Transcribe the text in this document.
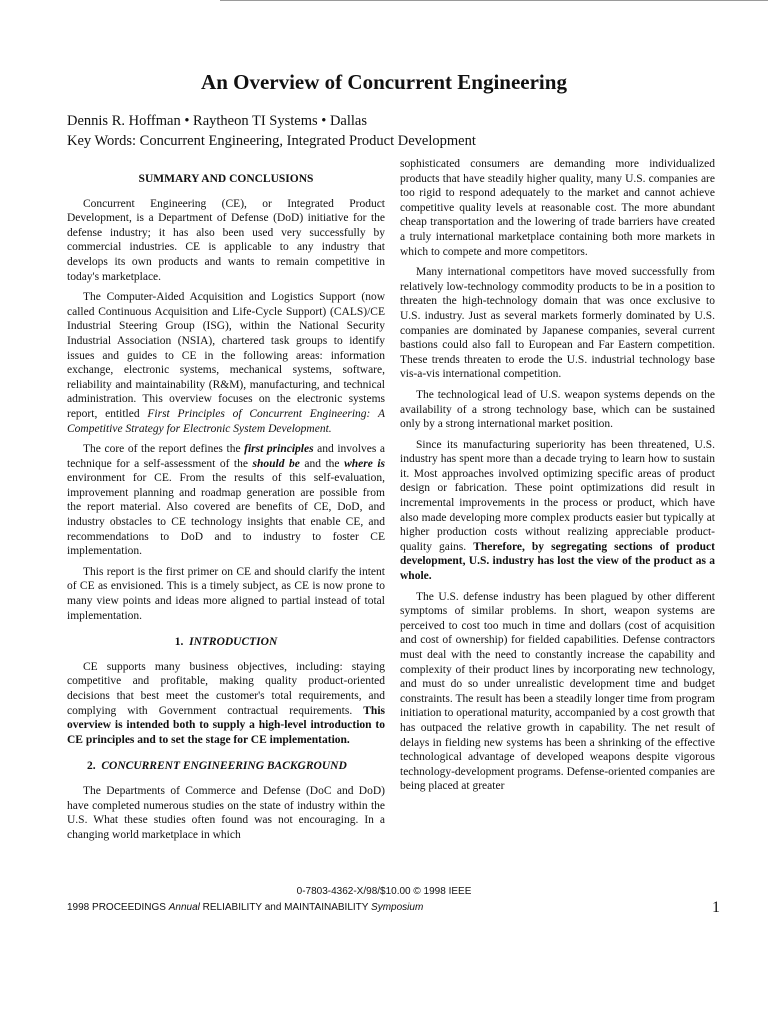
An Overview of Concurrent Engineering

Dennis R. Hoffman • Raytheon TI Systems • Dallas

Key Words: Concurrent Engineering, Integrated Product Development

SUMMARY AND CONCLUSIONS

Concurrent Engineering (CE), or Integrated Product Development, is a Department of Defense (DoD) initiative for the defense industry; it has also been used very successfully by commercial industries. CE is applicable to any industry that develops its own products and wants to remain competitive in today's marketplace.

The Computer-Aided Acquisition and Logistics Support (now called Continuous Acquisition and Life-Cycle Support) (CALS)/CE Industrial Steering Group (ISG), within the National Security Industrial Association (NSIA), chartered task groups to identify issues and guides to CE in the following areas: information exchange, electronic systems, mechanical systems, software, reliability and maintainability (R&M), manufacturing, and technical administration. This overview focuses on the electronic systems report, entitled First Principles of Concurrent Engineering: A Competitive Strategy for Electronic System Development.

The core of the report defines the first principles and involves a technique for a self-assessment of the should be and the where is environment for CE. From the results of this self-evaluation, improvement planning and roadmap generation are possible from the report material. Also covered are benefits of CE, DoD, and industry obstacles to CE technology insights that enable CE, and recommendations to DoD and to industry to foster CE implementation.

This report is the first primer on CE and should clarify the intent of CE as envisioned. This is a timely subject, as CE is now prone to many view points and ideas more aligned to partial instead of total implementation.

1. INTRODUCTION

CE supports many business objectives, including: staying competitive and profitable, making quality product-oriented decisions that best meet the customer's total requirements, and complying with Government contractual requirements. This overview is intended both to supply a high-level introduction to CE principles and to set the stage for CE implementation.

2. CONCURRENT ENGINEERING BACKGROUND

The Departments of Commerce and Defense (DoC and DoD) have completed numerous studies on the state of industry within the U.S. What these studies often found was not encouraging. In a changing world marketplace in which

sophisticated consumers are demanding more individualized products that have steadily higher quality, many U.S. companies are too rigid to respond adequately to the market and cannot achieve competitive quality levels at reasonable cost. The more abundant cheap transportation and the lowering of trade barriers have created a truly international marketplace containing both more markets in which to compete and more competitors.

Many international competitors have moved successfully from relatively low-technology commodity products to be in a position to threaten the high-technology domain that was once exclusive to U.S. industry. Just as several markets formerly dominated by U.S. companies are dominated by Japanese companies, several current bastions could also fall to European and Far Eastern competition. These trends threaten to erode the U.S. industrial technology base vis-a-vis international competition.

The technological lead of U.S. weapon systems depends on the availability of a strong technology base, which can be sustained only by a strong international market position.

Since its manufacturing superiority has been threatened, U.S. industry has spent more than a decade trying to learn how to sustain it. Most approaches involved optimizing specific areas of product design or fabrication. These point optimizations did result in incremental improvements in the process or product, which have also made developing more complex products easier but typically at higher production costs without realizing appreciable product-quality gains. Therefore, by segregating sections of product development, U.S. industry has lost the view of the product as a whole.

The U.S. defense industry has been plagued by other different symptoms of similar problems. In short, weapon systems are perceived to cost too much in time and dollars (cost of acquisition and cost of ownership) for fielded capabilities. Defense contractors must deal with the need to constantly increase the capability and complexity of their product lines by incorporating new technology, and must do so under unrealistic development time and budget constraints. The result has been a steadily longer time from program initiation to operational maturity, accompanied by a cost growth that has outpaced the relative growth in capability. The net result of delays in fielding new systems has been a shrinking of the effective technological advantage of developed weapons despite vigorous technology-development programs. Defense-oriented companies are being placed at greater

0-7803-4362-X/98/$10.00 © 1998 IEEE
1998 PROCEEDINGS Annual RELIABILITY and MAINTAINABILITY Symposium	1
